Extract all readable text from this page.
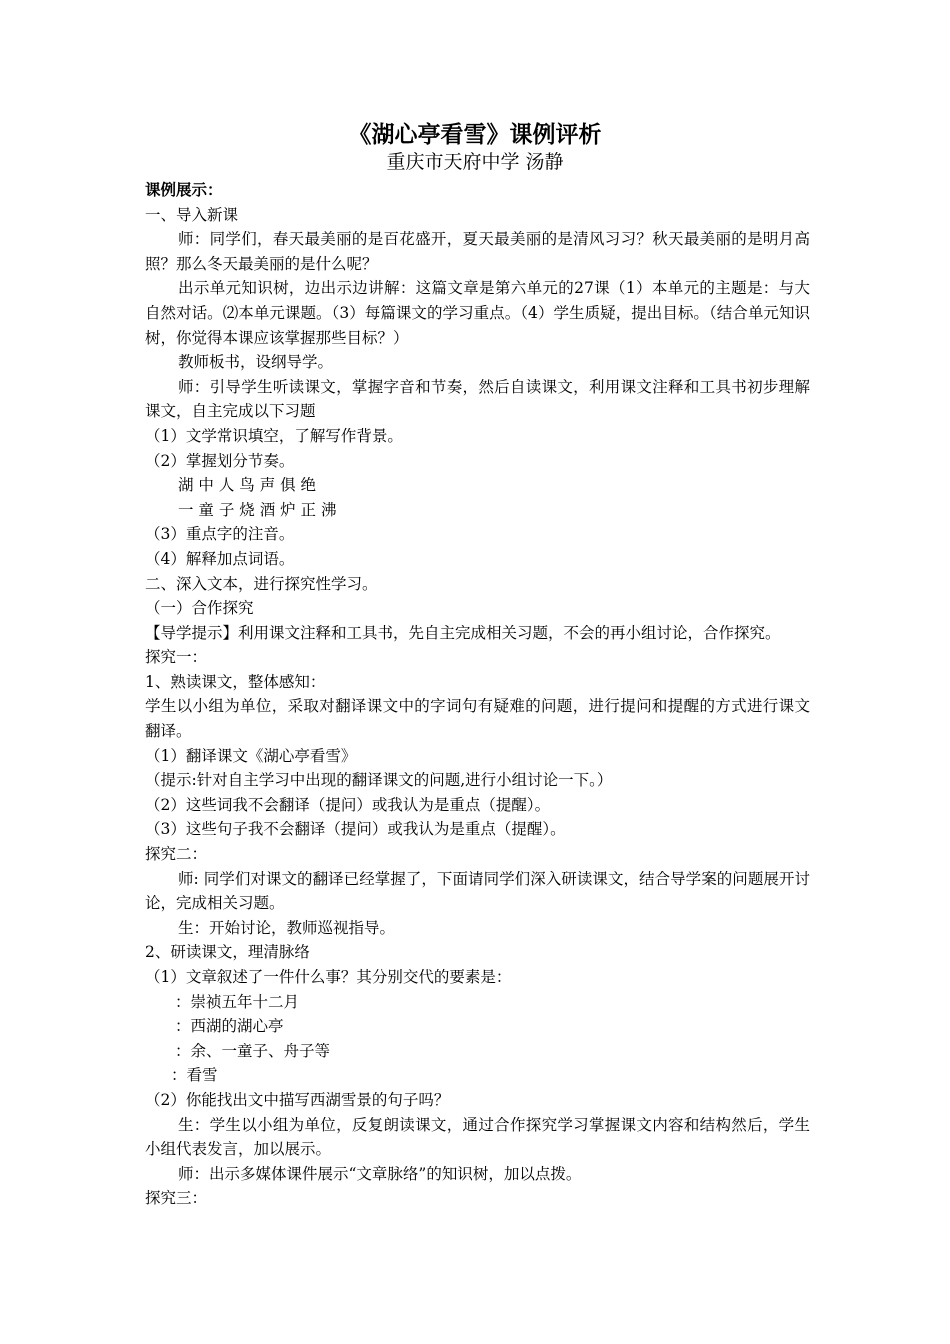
《湖心亭看雪》课例评析
重庆市天府中学 汤静

课例展示：

一、导入新课

师：同学们，春天最美丽的是百花盛开，夏天最美丽的是清风习习？秋天最美丽的是明月高照？那么冬天最美丽的是什么呢？

出示单元知识树，边出示边讲解：这篇文章是第六单元的27课（1）本单元的主题是：与大自然对话。⑵本单元课题。（3）每篇课文的学习重点。（4）学生质疑，提出目标。（结合单元知识树，你觉得本课应该掌握那些目标？）

教师板书，设纲导学。

师：引导学生听读课文，掌握字音和节奏，然后自读课文，利用课文注释和工具书初步理解课文，自主完成以下习题

（1）文学常识填空，了解写作背景。

（2）掌握划分节奏。

湖 中 人 鸟 声 俱 绝

一 童 子 烧 酒 炉 正 沸

（3）重点字的注音。

（4）解释加点词语。

二、深入文本，进行探究性学习。

（一）合作探究

【导学提示】利用课文注释和工具书，先自主完成相关习题，不会的再小组讨论，合作探究。

探究一：

1、熟读课文，整体感知：

学生以小组为单位，采取对翻译课文中的字词句有疑难的问题，进行提问和提醒的方式进行课文翻译。

（1）翻译课文《湖心亭看雪》

（提示:针对自主学习中出现的翻译课文的问题,进行小组讨论一下。）

（2）这些词我不会翻译（提问）或我认为是重点（提醒）。

（3）这些句子我不会翻译（提问）或我认为是重点（提醒）。

探究二：

师: 同学们对课文的翻译已经掌握了，下面请同学们深入研读课文，结合导学案的问题展开讨论，完成相关习题。

生：开始讨论，教师巡视指导。

2、研读课文，理清脉络

（1）文章叙述了一件什么事？其分别交代的要素是：

：崇祯五年十二月

：西湖的湖心亭

：余、一童子、舟子等

：看雪

（2）你能找出文中描写西湖雪景的句子吗？

生：学生以小组为单位，反复朗读课文，通过合作探究学习掌握课文内容和结构然后，学生小组代表发言，加以展示。

师：出示多媒体课件展示“文章脉络”的知识树，加以点拨。

探究三：
